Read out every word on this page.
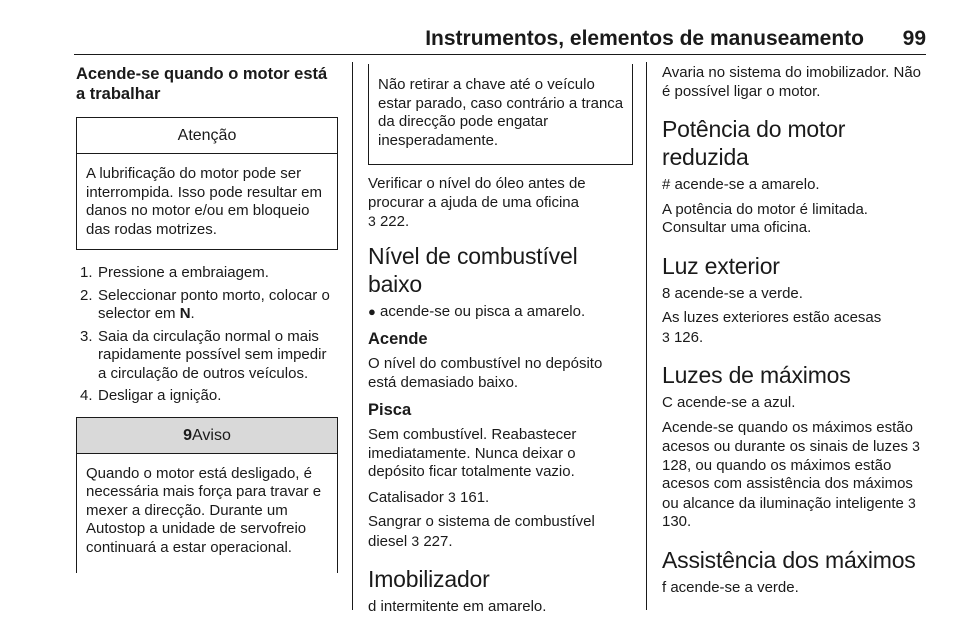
Instrumentos, elementos de manuseamento 99

Acende-se quando o motor está a trabalhar

Atenção

A lubrificação do motor pode ser interrompida. Isso pode resultar em danos no motor e/ou em bloqueio das rodas motrizes.

1. Pressione a embraiagem.
2. Seleccionar ponto morto, colocar o selector em N.
3. Saia da circulação normal o mais rapidamente possível sem impedir a circulação de outros veículos.
4. Desligar a ignição.
9Aviso

Quando o motor está desligado, é necessária mais força para travar e mexer a direcção. Durante um Autostop a unidade de servofreio continuará a estar operacional.

Não retirar a chave até o veículo estar parado, caso contrário a tranca da direcção pode engatar inesperadamente.

Verificar o nível do óleo antes de procurar a ajuda de uma oficina
3 222.

Nível de combustível baixo

● acende-se ou pisca a amarelo.

Acende

O nível do combustível no depósito está demasiado baixo.

Pisca

Sem combustível. Reabastecer imediatamente. Nunca deixar o depósito ficar totalmente vazio.

Catalisador 3 161.

Sangrar o sistema de combustível diesel 3 227.

Imobilizador

d intermitente em amarelo.

Avaria no sistema do imobilizador. Não é possível ligar o motor.

Potência do motor reduzida

# acende-se a amarelo.

A potência do motor é limitada. Consultar uma oficina.

Luz exterior

8 acende-se a verde.

As luzes exteriores estão acesas
3 126.

Luzes de máximos

C acende-se a azul.

Acende-se quando os máximos estão acesos ou durante os sinais de luzes 3 128, ou quando os máximos estão acesos com assistência dos máximos ou alcance da iluminação inteligente 3 130.

Assistência dos máximos

f acende-se a verde.
